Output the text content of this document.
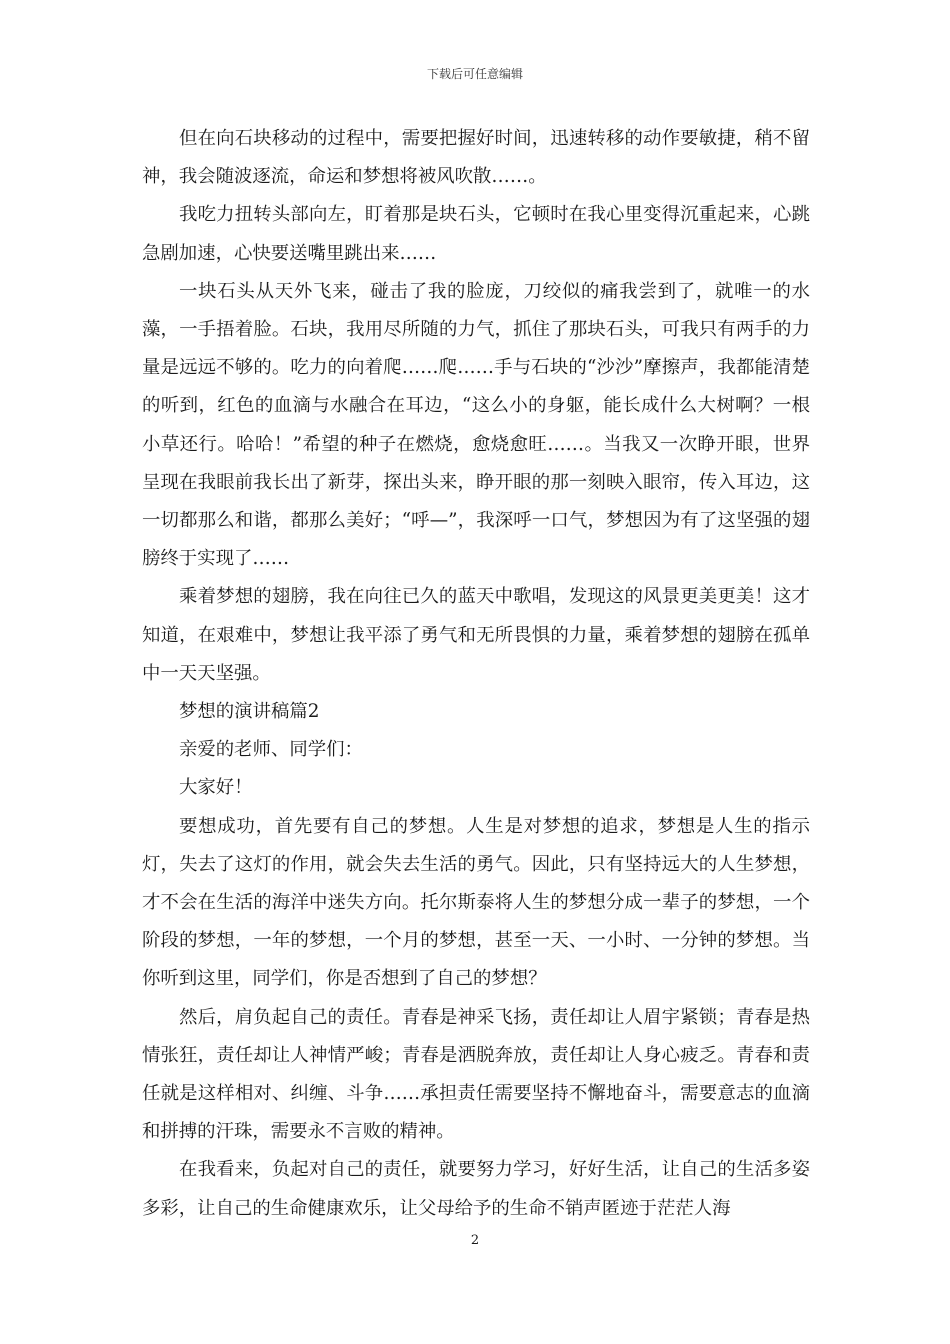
下载后可任意编辑

但在向石块移动的过程中，需要把握好时间，迅速转移的动作要敏捷，稍不留神，我会随波逐流，命运和梦想将被风吹散……。

我吃力扭转头部向左，盯着那是块石头，它顿时在我心里变得沉重起来，心跳急剧加速，心快要送嘴里跳出来……

一块石头从天外飞来，碰击了我的脸庞，刀绞似的痛我尝到了，就唯一的水藻，一手捂着脸。石块，我用尽所随的力气，抓住了那块石头，可我只有两手的力量是远远不够的。吃力的向着爬……爬……手与石块的“沙沙”摩擦声，我都能清楚的听到，红色的血滴与水融合在耳边，“这么小的身躯，能长成什么大树啊？一根小草还行。哈哈！”希望的种子在燃烧，愈烧愈旺……。当我又一次睁开眼，世界呈现在我眼前我长出了新芽，探出头来，睁开眼的那一刻映入眼帘，传入耳边，这一切都那么和谐，都那么美好；“呼—”，我深呼一口气，梦想因为有了这坚强的翅膀终于实现了……

乘着梦想的翅膀，我在向往已久的蓝天中歌唱，发现这的风景更美更美！这才知道，在艰难中，梦想让我平添了勇气和无所畏惧的力量，乘着梦想的翅膀在孤单中一天天坚强。

梦想的演讲稿篇2

亲爱的老师、同学们：

大家好！

要想成功，首先要有自己的梦想。人生是对梦想的追求，梦想是人生的指示灯，失去了这灯的作用，就会失去生活的勇气。因此，只有坚持远大的人生梦想，才不会在生活的海洋中迷失方向。托尔斯泰将人生的梦想分成一辈子的梦想，一个阶段的梦想，一年的梦想，一个月的梦想，甚至一天、一小时、一分钟的梦想。当你听到这里，同学们，你是否想到了自己的梦想？

然后，肩负起自己的责任。青春是神采飞扬，责任却让人眉宇紧锁；青春是热情张狂，责任却让人神情严峻；青春是洒脱奔放，责任却让人身心疲乏。青春和责任就是这样相对、纠缠、斗争……承担责任需要坚持不懈地奋斗，需要意志的血滴和拼搏的汗珠，需要永不言败的精神。

在我看来，负起对自己的责任，就要努力学习，好好生活，让自己的生活多姿多彩，让自己的生命健康欢乐，让父母给予的生命不销声匿迹于茫茫人海

2
